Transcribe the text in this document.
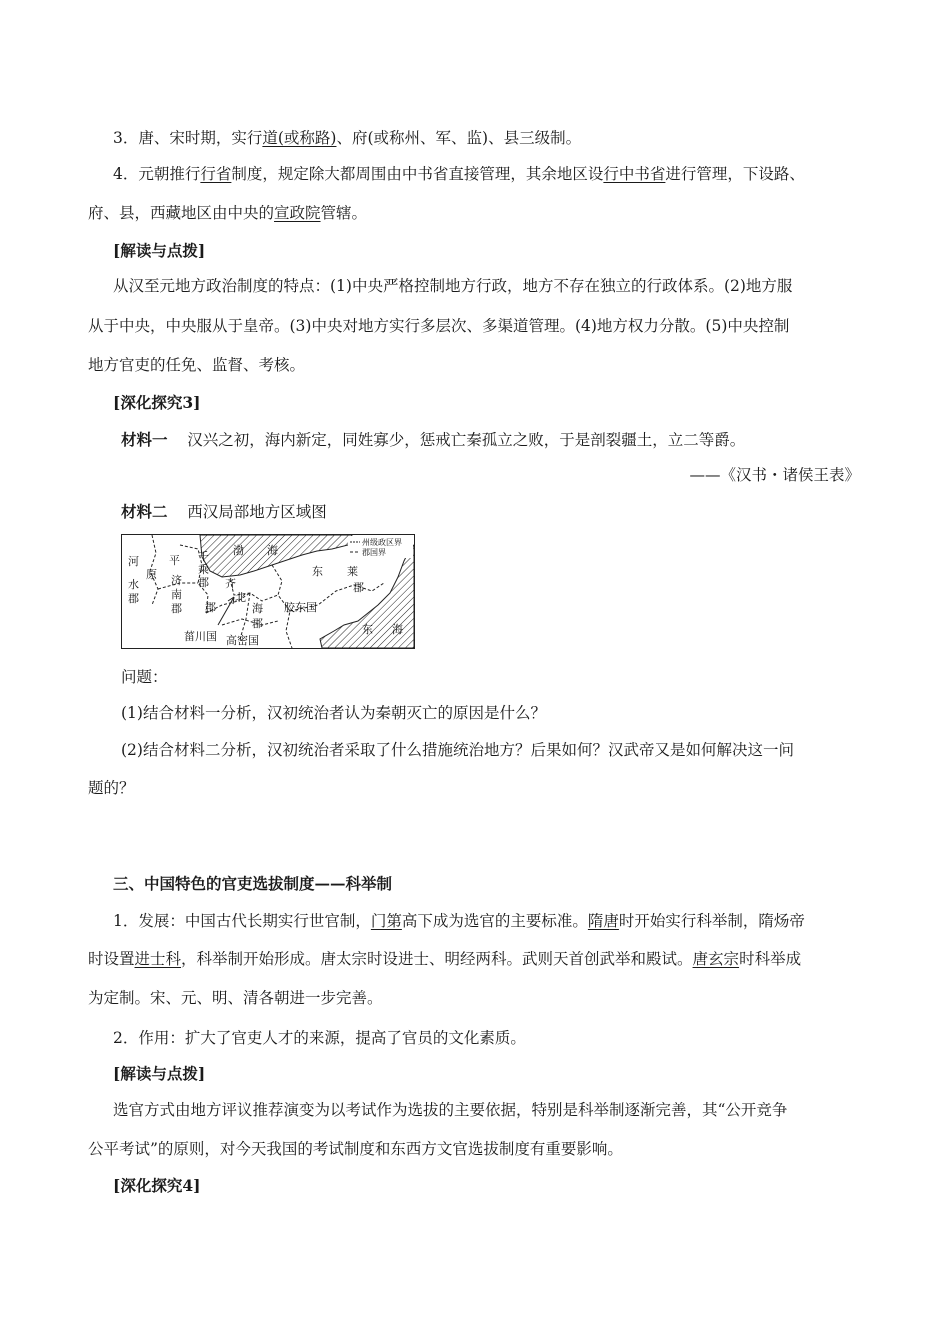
3．唐、宋时期，实行道(或称路)、府(或称州、军、监)、县三级制。
4．元朝推行行省制度，规定除大都周围由中书省直接管理，其余地区设行中书省进行管理，下设路、
府、县，西藏地区由中央的宣政院管辖。
[解读与点拨]
从汉至元地方政治制度的特点：(1)中央严格控制地方行政，地方不存在独立的行政体系。(2)地方服
从于中央，中央服从于皇帝。(3)中央对地方实行多层次、多渠道管理。(4)地方权力分散。(5)中央控制
地方官吏的任免、监督、考核。
[深化探究3]
材料一 汉兴之初，海内新定，同姓寡少，惩戒亡秦孤立之败，于是剖裂疆土，立二等爵。
——《汉书・诸侯王表》
材料二 西汉局部地方区域图
州级政区界
郡国界
河
水
郡
原
平 千
乘
郡
济
南
郡
齐
郡
北
海
郡
渤 海
东 莱
郡
胶东国
菑川国 高密国
东 海
问题：
(1)结合材料一分析，汉初统治者认为秦朝灭亡的原因是什么？
(2)结合材料二分析，汉初统治者采取了什么措施统治地方？后果如何？汉武帝又是如何解决这一问
题的？
三、中国特色的官吏选拔制度——科举制
1．发展：中国古代长期实行世官制，门第高下成为选官的主要标准。隋唐时开始实行科举制，隋炀帝
时设置进士科，科举制开始形成。唐太宗时设进士、明经两科。武则天首创武举和殿试。唐玄宗时科举成
为定制。宋、元、明、清各朝进一步完善。
2．作用：扩大了官吏人才的来源，提高了官员的文化素质。
[解读与点拨]
选官方式由地方评议推荐演变为以考试作为选拔的主要依据，特别是科举制逐渐完善，其“公开竞争
公平考试”的原则，对今天我国的考试制度和东西方文官选拔制度有重要影响。
[深化探究4]
